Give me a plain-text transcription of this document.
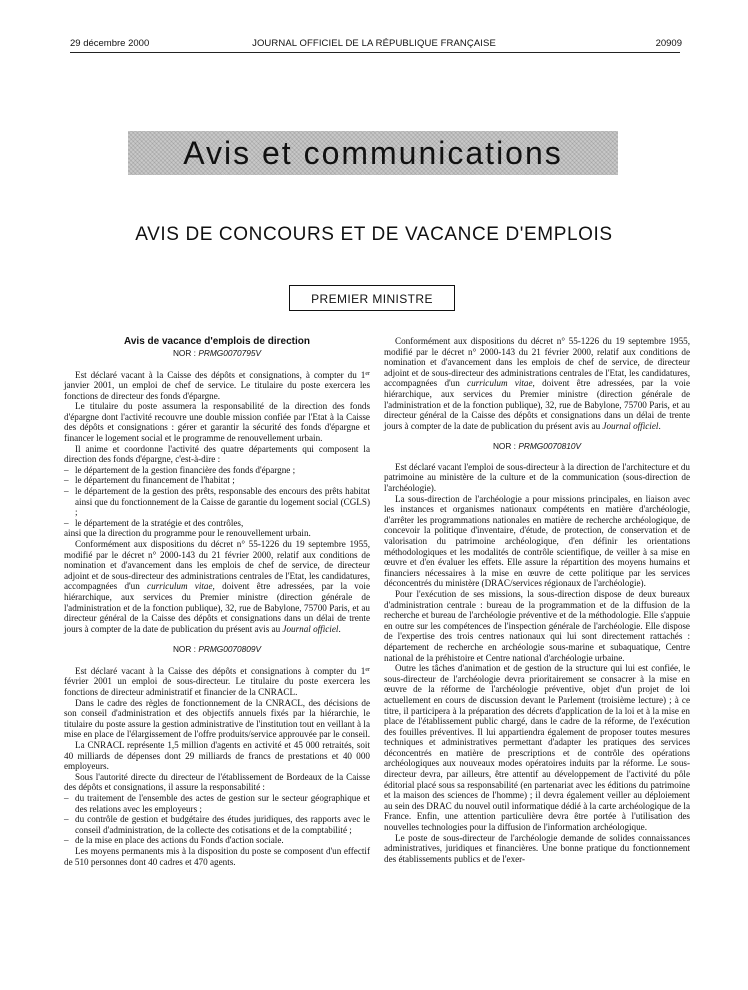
29 décembre 2000	JOURNAL OFFICIEL DE LA RÉPUBLIQUE FRANÇAISE	20909
Avis et communications
AVIS DE CONCOURS ET DE VACANCE D'EMPLOIS
PREMIER MINISTRE

Avis de vacance d'emplois de direction

NOR : PRMG0070795V

Est déclaré vacant à la Caisse des dépôts et consignations, à compter du 1er janvier 2001, un emploi de chef de service. Le titulaire du poste exercera les fonctions de directeur des fonds d'épargne.

Le titulaire du poste assumera la responsabilité de la direction des fonds d'épargne dont l'activité recouvre une double mission confiée par l'Etat à la Caisse des dépôts et consignations : gérer et garantir la sécurité des fonds d'épargne et financer le logement social et le programme de renouvellement urbain.

Il anime et coordonne l'activité des quatre départements qui composent la direction des fonds d'épargne, c'est-à-dire :

– le département de la gestion financière des fonds d'épargne ;
– le département du financement de l'habitat ;
– le département de la gestion des prêts, responsable des encours des prêts habitat ainsi que du fonctionnement de la Caisse de garantie du logement social (CGLS) ;
– le département de la stratégie et des contrôles,

ainsi que la direction du programme pour le renouvellement urbain.

Conformément aux dispositions du décret n° 55-1226 du 19 septembre 1955, modifié par le décret n° 2000-143 du 21 février 2000, relatif aux conditions de nomination et d'avancement dans les emplois de chef de service, de directeur adjoint et de sous-directeur des administrations centrales de l'Etat, les candidatures, accompagnées d'un curriculum vitae, doivent être adressées, par la voie hiérarchique, aux services du Premier ministre (direction générale de l'administration et de la fonction publique), 32, rue de Babylone, 75700 Paris, et au directeur général de la Caisse des dépôts et consignations dans un délai de trente jours à compter de la date de publication du présent avis au Journal officiel.

NOR : PRMG0070809V

Est déclaré vacant à la Caisse des dépôts et consignations à compter du 1er février 2001 un emploi de sous-directeur. Le titulaire du poste exercera les fonctions de directeur administratif et financier de la CNRACL.

Dans le cadre des règles de fonctionnement de la CNRACL, des décisions de son conseil d'administration et des objectifs annuels fixés par la hiérarchie, le titulaire du poste assure la gestion administrative de l'institution tout en veillant à la mise en place de l'élargissement de l'offre produits/service approuvée par le conseil.

La CNRACL représente 1,5 million d'agents en activité et 45 000 retraités, soit 40 milliards de dépenses dont 29 milliards de francs de prestations et 40 000 employeurs.

Sous l'autorité directe du directeur de l'établissement de Bordeaux de la Caisse des dépôts et consignations, il assure la responsabilité :

– du traitement de l'ensemble des actes de gestion sur le secteur géographique et des relations avec les employeurs ;
– du contrôle de gestion et budgétaire des études juridiques, des rapports avec le conseil d'administration, de la collecte des cotisations et de la comptabilité ;
– de la mise en place des actions du Fonds d'action sociale.

Les moyens permanents mis à la disposition du poste se composent d'un effectif de 510 personnes dont 40 cadres et 470 agents.

Conformément aux dispositions du décret n° 55-1226 du 19 septembre 1955, modifié par le décret n° 2000-143 du 21 février 2000, relatif aux conditions de nomination et d'avancement dans les emplois de chef de service, de directeur adjoint et de sous-directeur des administrations centrales de l'Etat, les candidatures, accompagnées d'un curriculum vitae, doivent être adressées, par la voie hiérarchique, aux services du Premier ministre (direction générale de l'administration et de la fonction publique), 32, rue de Babylone, 75700 Paris, et au directeur général de la Caisse des dépôts et consignations dans un délai de trente jours à compter de la date de publication du présent avis au Journal officiel.

NOR : PRMG0070810V

Est déclaré vacant l'emploi de sous-directeur à la direction de l'architecture et du patrimoine au ministère de la culture et de la communication (sous-direction de l'archéologie).

La sous-direction de l'archéologie a pour missions principales, en liaison avec les instances et organismes nationaux compétents en matière d'archéologie, d'arrêter les programmations nationales en matière de recherche archéologique, de concevoir la politique d'inventaire, d'étude, de protection, de conservation et de valorisation du patrimoine archéologique, d'en définir les orientations méthodologiques et les modalités de contrôle scientifique, de veiller à sa mise en œuvre et d'en évaluer les effets. Elle assure la répartition des moyens humains et financiers nécessaires à la mise en œuvre de cette politique par les services déconcentrés du ministère (DRAC/services régionaux de l'archéologie).

Pour l'exécution de ses missions, la sous-direction dispose de deux bureaux d'administration centrale : bureau de la programmation et de la diffusion de la recherche et bureau de l'archéologie préventive et de la méthodologie. Elle s'appuie en outre sur les compétences de l'inspection générale de l'archéologie. Elle dispose de l'expertise des trois centres nationaux qui lui sont directement rattachés : département de recherche en archéologie sous-marine et subaquatique, Centre national de la préhistoire et Centre national d'archéologie urbaine.

Outre les tâches d'animation et de gestion de la structure qui lui est confiée, le sous-directeur de l'archéologie devra prioritairement se consacrer à la mise en œuvre de la réforme de l'archéologie préventive, objet d'un projet de loi actuellement en cours de discussion devant le Parlement (troisième lecture) ; à ce titre, il participera à la préparation des décrets d'application de la loi et à la mise en place de l'établissement public chargé, dans le cadre de la réforme, de l'exécution des fouilles préventives. Il lui appartiendra également de proposer toutes mesures techniques et administratives permettant d'adapter les pratiques des services déconcentrés en matière de prescriptions et de contrôle des opérations archéologiques aux nouveaux modes opératoires induits par la réforme. Le sous-directeur devra, par ailleurs, être attentif au développement de l'activité du pôle éditorial placé sous sa responsabilité (en partenariat avec les éditions du patrimoine et la maison des sciences de l'homme) ; il devra également veiller au déploiement au sein des DRAC du nouvel outil informatique dédié à la carte archéologique de la France. Enfin, une attention particulière devra être portée à l'utilisation des nouvelles technologies pour la diffusion de l'information archéologique.

Le poste de sous-directeur de l'archéologie demande de solides connaissances administratives, juridiques et financières. Une bonne pratique du fonctionnement des établissements publics et de l'exer-
